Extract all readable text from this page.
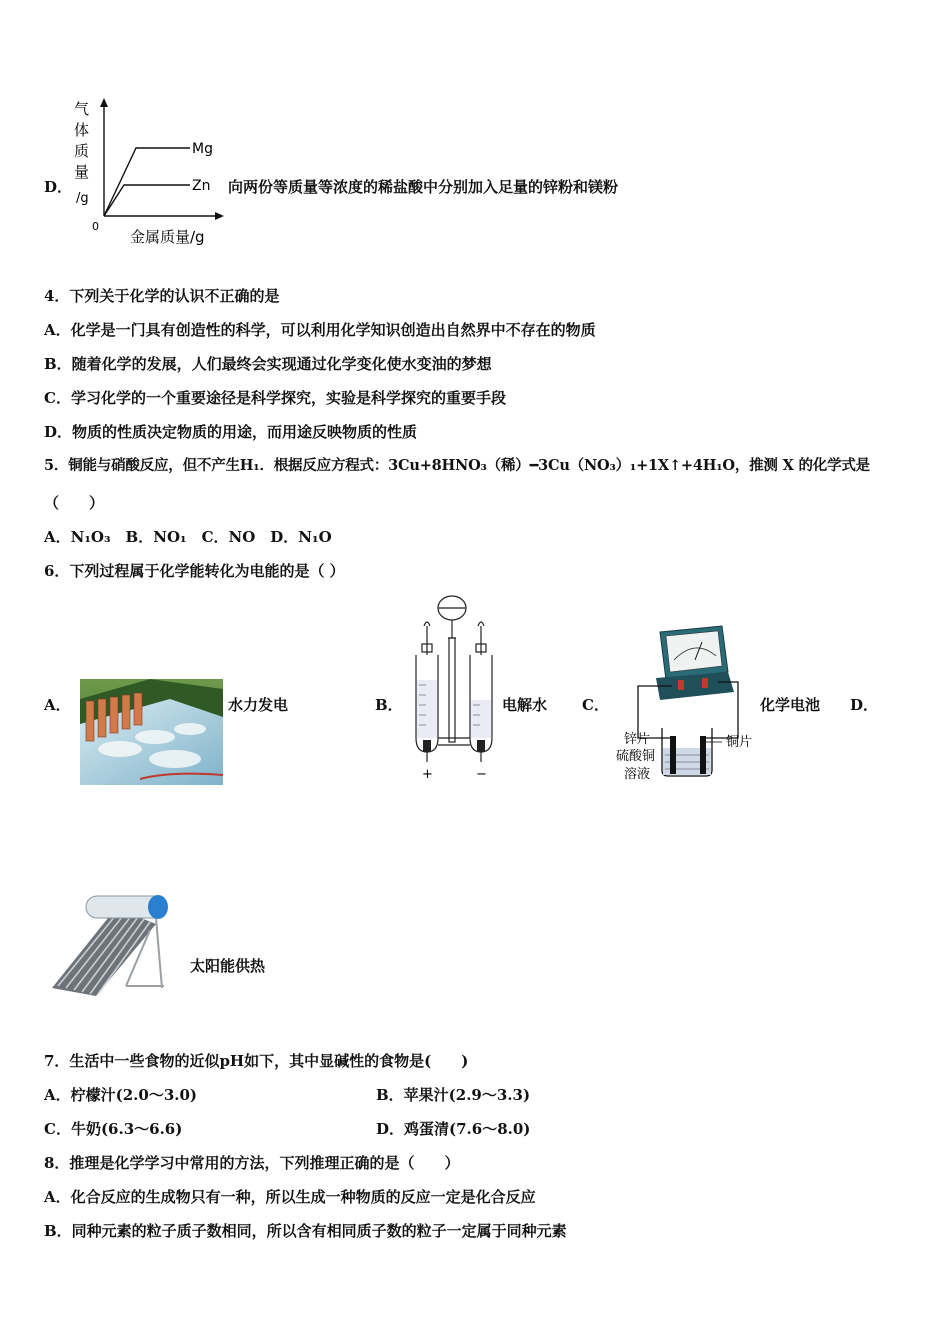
D．
气
体
质
量
/g
0
Mg
Zn
金属质量/g
向两份等质量等浓度的稀盐酸中分别加入足量的锌粉和镁粉
4．下列关于化学的认识不正确的是
A．化学是一门具有创造性的科学，可以利用化学知识创造出自然界中不存在的物质
B．随着化学的发展，人们最终会实现通过化学变化使水变油的梦想
C．学习化学的一个重要途径是科学探究，实验是科学探究的重要手段
D．物质的性质决定物质的用途，而用途反映物质的性质
5．铜能与硝酸反应，但不产生H₁．根据反应方程式：3Cu+8HNO₃（稀）━3Cu（NO₃）₁+1X↑+4H₁O，推测 X 的化学式是
（　　）
A．N₁O₃　B．NO₁　C．NO　D．N₁O
6．下列过程属于化学能转化为电能的是（ ）
A．	水力发电	B．
+	−
电解水 C．
锌片	铜片
硫酸铜
溶液
化学电池 D．
太阳能供热
7．生活中一些食物的近似pH如下，其中显碱性的食物是(　　)
A．柠檬汁(2.0～3.0)	B．苹果汁(2.9～3.3)
C．牛奶(6.3～6.6)	D．鸡蛋清(7.6～8.0)
8．推理是化学学习中常用的方法，下列推理正确的是（　　）
A．化合反应的生成物只有一种，所以生成一种物质的反应一定是化合反应
B．同种元素的粒子质子数相同，所以含有相同质子数的粒子一定属于同种元素
